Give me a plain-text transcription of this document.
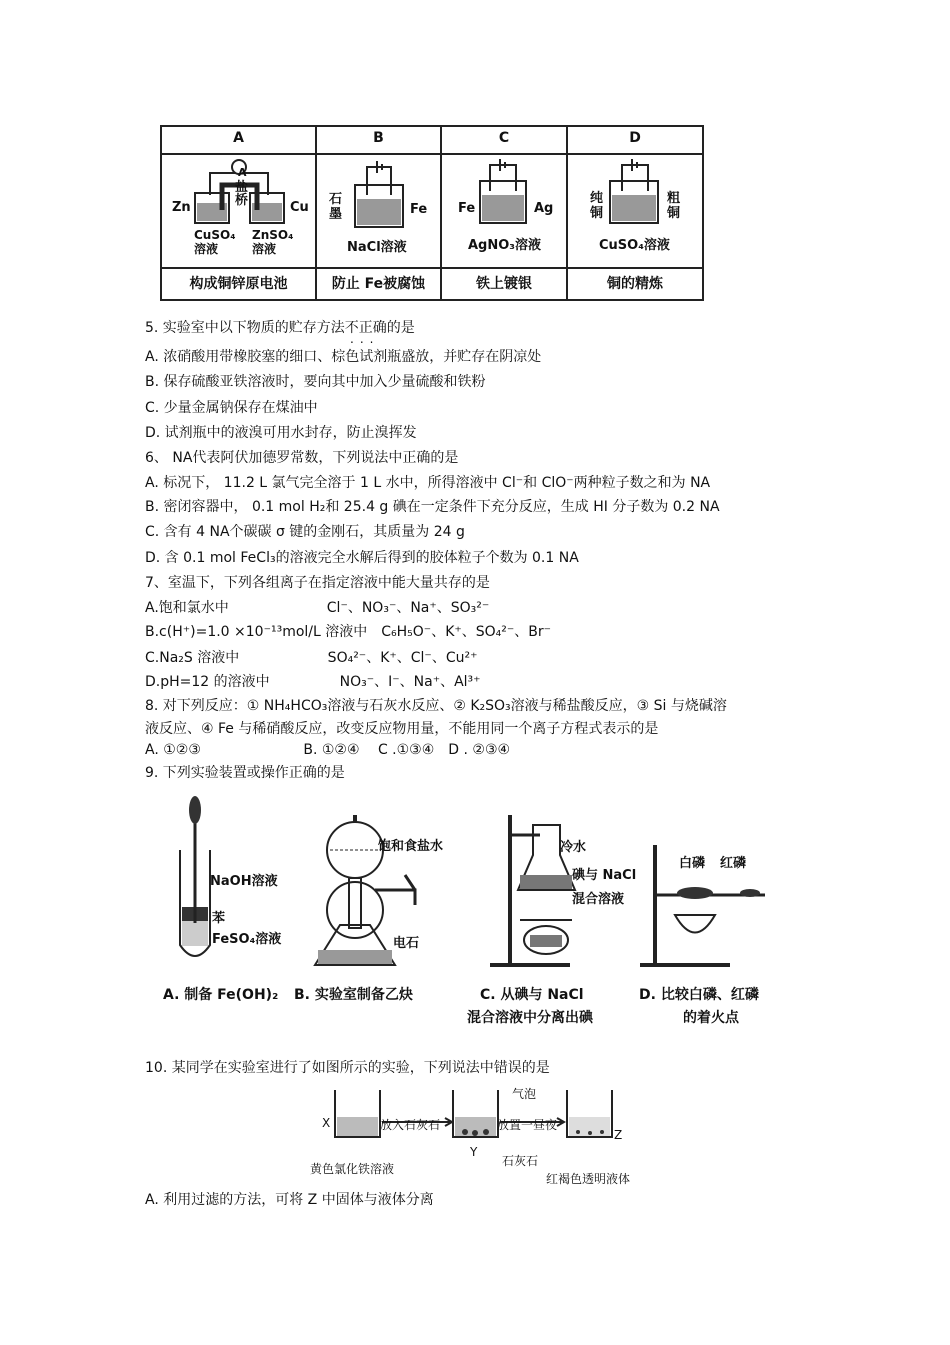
A	B	C	D
构成铜锌原电池	防止 Fe被腐蚀	铁上镀银	铜的精炼
A
盐桥
Zn	Cu
CuSO₄溶液
ZnSO₄溶液
石墨	Fe
NaCl溶液
Fe	Ag
AgNO₃溶液
纯铜
粗铜
CuSO₄溶液
5. 实验室中以下物质的贮存方法不正确的是
...
A. 浓硝酸用带橡胶塞的细口、棕色试剂瓶盛放，并贮存在阴凉处
B. 保存硫酸亚铁溶液时，要向其中加入少量硫酸和铁粉
C. 少量金属钠保存在煤油中
D. 试剂瓶中的液溴可用水封存，防止溴挥发
6、 NA代表阿伏加德罗常数，下列说法中正确的是
A. 标况下， 11.2 L 氯气完全溶于 1 L 水中，所得溶液中 Cl⁻和 ClO⁻两种粒子数之和为 NA
B. 密闭容器中， 0.1 mol H₂和 25.4 g 碘在一定条件下充分反应，生成 HI 分子数为 0.2 NA
C. 含有 4 NA个碳碳 σ 键的金刚石，其质量为 24 g
D. 含 0.1 mol FeCl₃的溶液完全水解后得到的胶体粒子个数为 0.1 NA
7、室温下，下列各组离子在指定溶液中能大量共存的是
A.饱和氯水中　　　　　　　Cl⁻、NO₃⁻、Na⁺、SO₃²⁻
B.c(H⁺)=1.0 ×10⁻¹³mol/L 溶液中　C₆H₅O⁻、K⁺、SO₄²⁻、Br⁻
C.Na₂S 溶液中　　　　　　 SO₄²⁻、K⁺、Cl⁻、Cu²⁺
D.pH=12 的溶液中　　　　　NO₃⁻、I⁻、Na⁺、Al³⁺
8. 对下列反应：① NH₄HCO₃溶液与石灰水反应、② K₂SO₃溶液与稀盐酸反应，③ Si 与烧碱溶
液反应、④ Fe 与稀硝酸反应，改变反应物用量，不能用同一个离子方程式表示的是
A. ①②③　　　　　　　 B. ①②④　 C .①③④　D . ②③④
9. 下列实验装置或操作正确的是
NaOH溶液
苯
FeSO₄溶液
饱和食盐水
电石
冷水
碘与 NaCl
混合溶液
白磷 红磷
A. 制备 Fe(OH)₂ B. 实验室制备乙炔	C. 从碘与 NaCl
混合溶液中分离出碘
D. 比较白磷、红磷
的着火点
10. 某同学在实验室进行了如图所示的实验，下列说法中错误的是
X	放入石灰石
气泡
放置一昼夜
Z
Y
石灰石
黄色氯化铁溶液
红褐色透明液体
A. 利用过滤的方法，可将 Z 中固体与液体分离
